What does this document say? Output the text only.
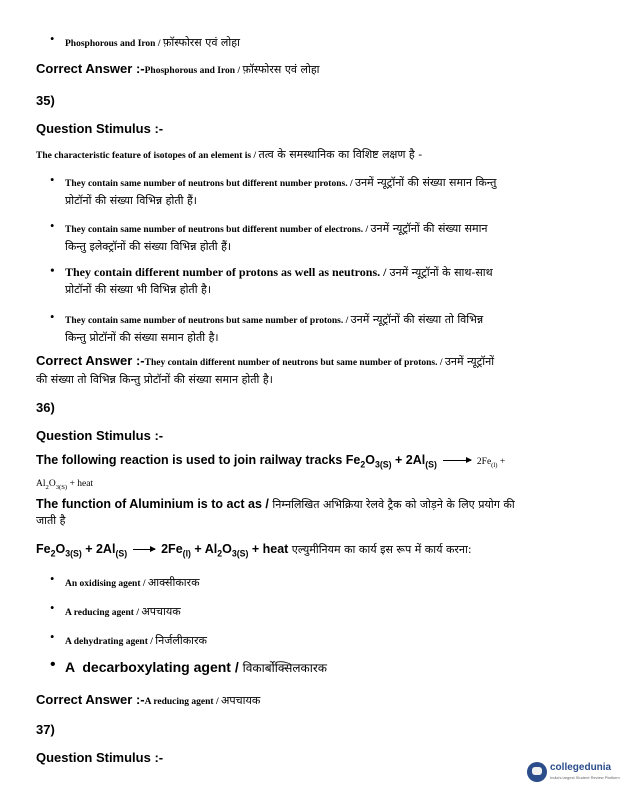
• Phosphorous and Iron / फ़ॉस्फोरस एवं लोहा
Correct Answer :-Phosphorous and Iron / फ़ॉस्फोरस एवं लोहा
35)
Question Stimulus :-
The characteristic feature of isotopes of an element is / तत्व के समस्थानिक का विशिष्ट लक्षण है -
• They contain same number of neutrons but different number protons. / उनमें न्यूट्रॉनों की संख्या समान किन्तु
प्रोटॉनों की संख्या विभिन्न होती हैं।
• They contain same number of neutrons but different number of electrons. / उनमें न्यूट्रॉनों की संख्या समान
किन्तु इलेक्ट्रॉनों की संख्या विभिन्न होती हैं।
• They contain different number of protons as well as neutrons. / उनमें न्यूट्रॉनों के साथ-साथ
प्रोटॉनों की संख्या भी विभिन्न होती है।
• They contain same number of neutrons but same number of protons. / उनमें न्यूट्रॉनों की संख्या तो विभिन्न
किन्तु प्रोटॉनों की संख्या समान होती है।
Correct Answer :-They contain different number of neutrons but same number of protons. / उनमें न्यूट्रॉनों
की संख्या तो विभिन्न किन्तु प्रोटॉनों की संख्या समान होती है।
36)
Question Stimulus :-
The following reaction is used to join railway tracks $Fe_2O_{3(S)} + 2Al_{(S)} \to 2Fe_{(l)}$ +
$Al_2O_{3(S)}$ + heat
The function of Aluminium is to act as / निम्नलिखित अभिक्रिया रेलवे ट्रैक को जोड़ने के लिए प्रयोग की
जाती है
$Fe_2O_{3(S)} + 2Al_{(S)} \to 2Fe_{(l)} + Al_2O_{3(S)}$ + heat एल्युमीनियम का कार्य इस रूप में कार्य करना:
• An oxidising agent / आक्सीकारक
• A reducing agent / अपचायक
• A dehydrating agent / निर्जलीकारक
• A  decarboxylating agent / विकार्बोक्सिलकारक
Correct Answer :-A reducing agent / अपचायक
37)
Question Stimulus :-
collegedunia
India's largest Student Review Platform
